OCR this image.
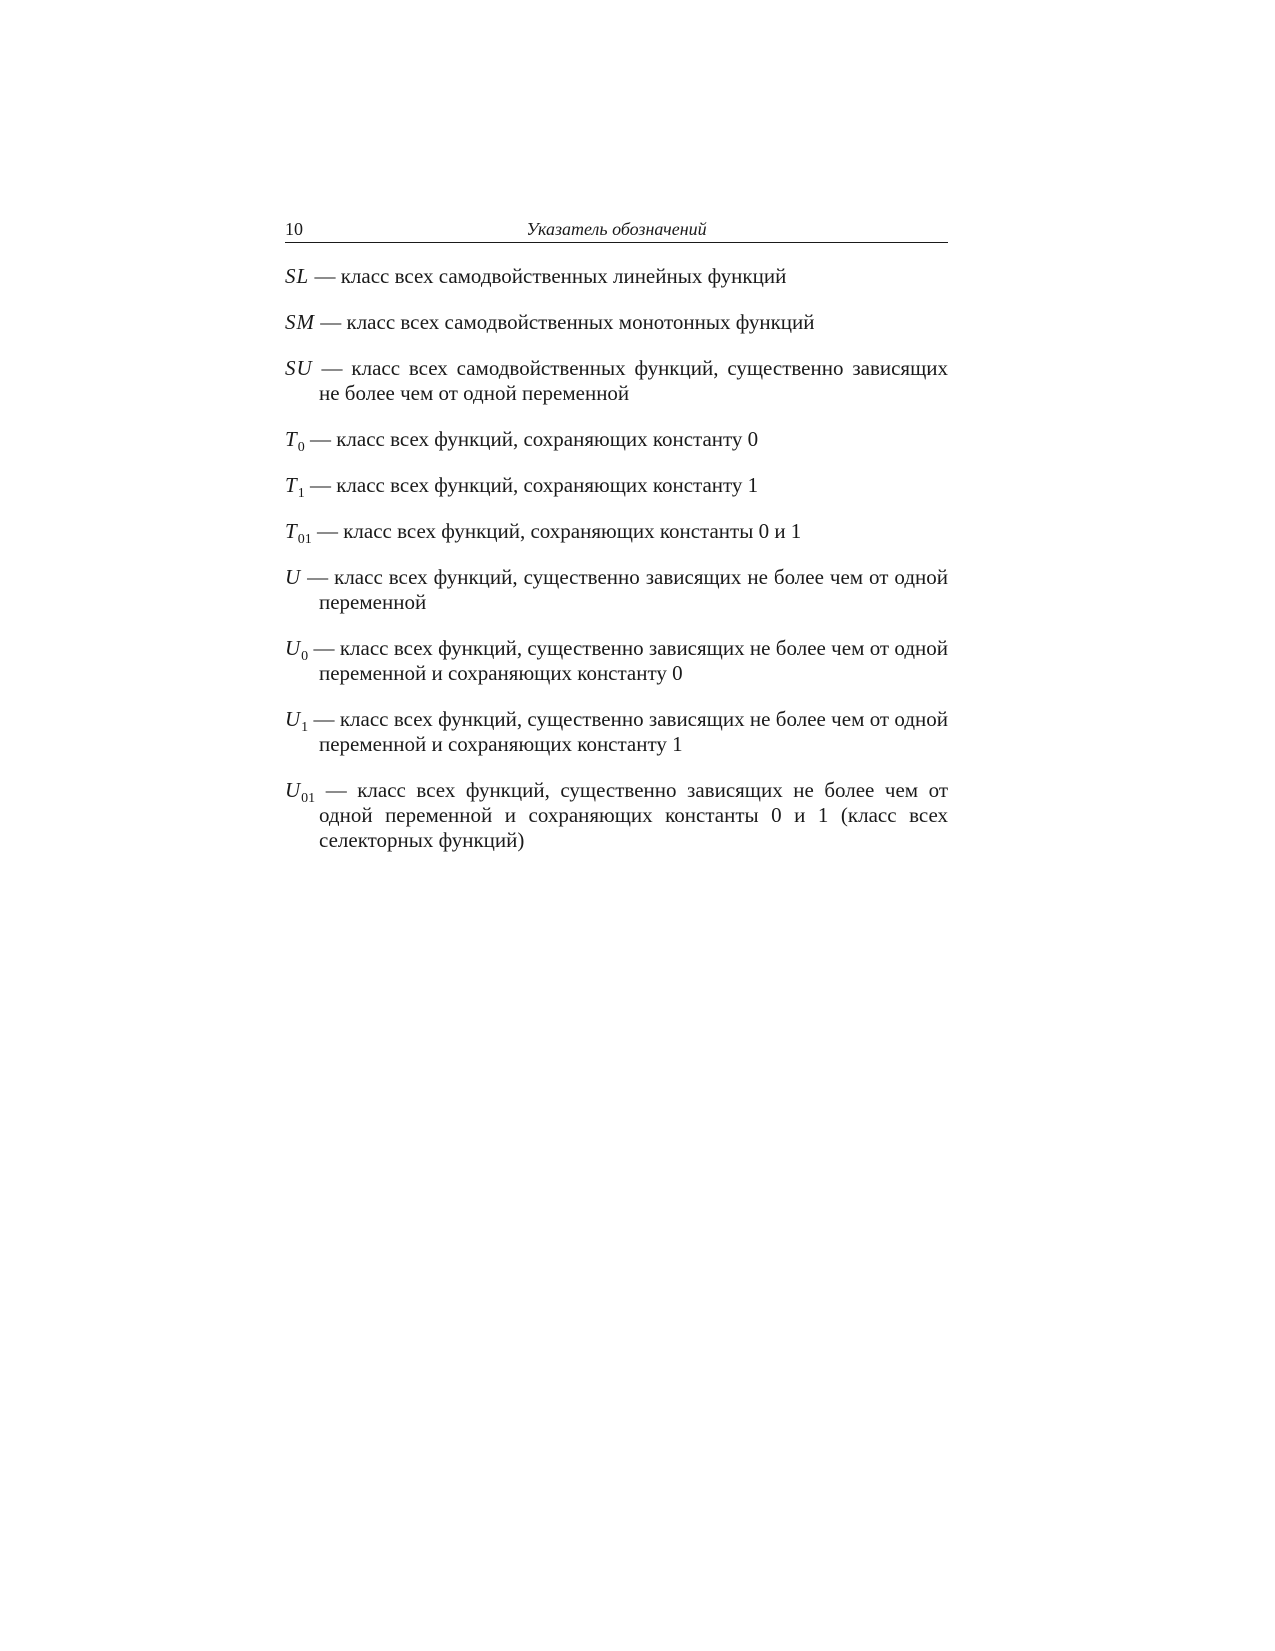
10	Указатель обозначений

SL — класс всех самодвойственных линейных функций

SM — класс всех самодвойственных монотонных функций

SU — класс всех самодвойственных функций, существенно зависящих не более чем от одной переменной

$T_0$ — класс всех функций, сохраняющих константу 0

$T_1$ — класс всех функций, сохраняющих константу 1

$T_{01}$ — класс всех функций, сохраняющих константы 0 и 1

U — класс всех функций, существенно зависящих не более чем от одной переменной

$U_0$ — класс всех функций, существенно зависящих не более чем от одной переменной и сохраняющих константу 0

$U_1$ — класс всех функций, существенно зависящих не более чем от одной переменной и сохраняющих константу 1

$U_{01}$ — класс всех функций, существенно зависящих не более чем от одной переменной и сохраняющих константы 0 и 1 (класс всех селекторных функций)
